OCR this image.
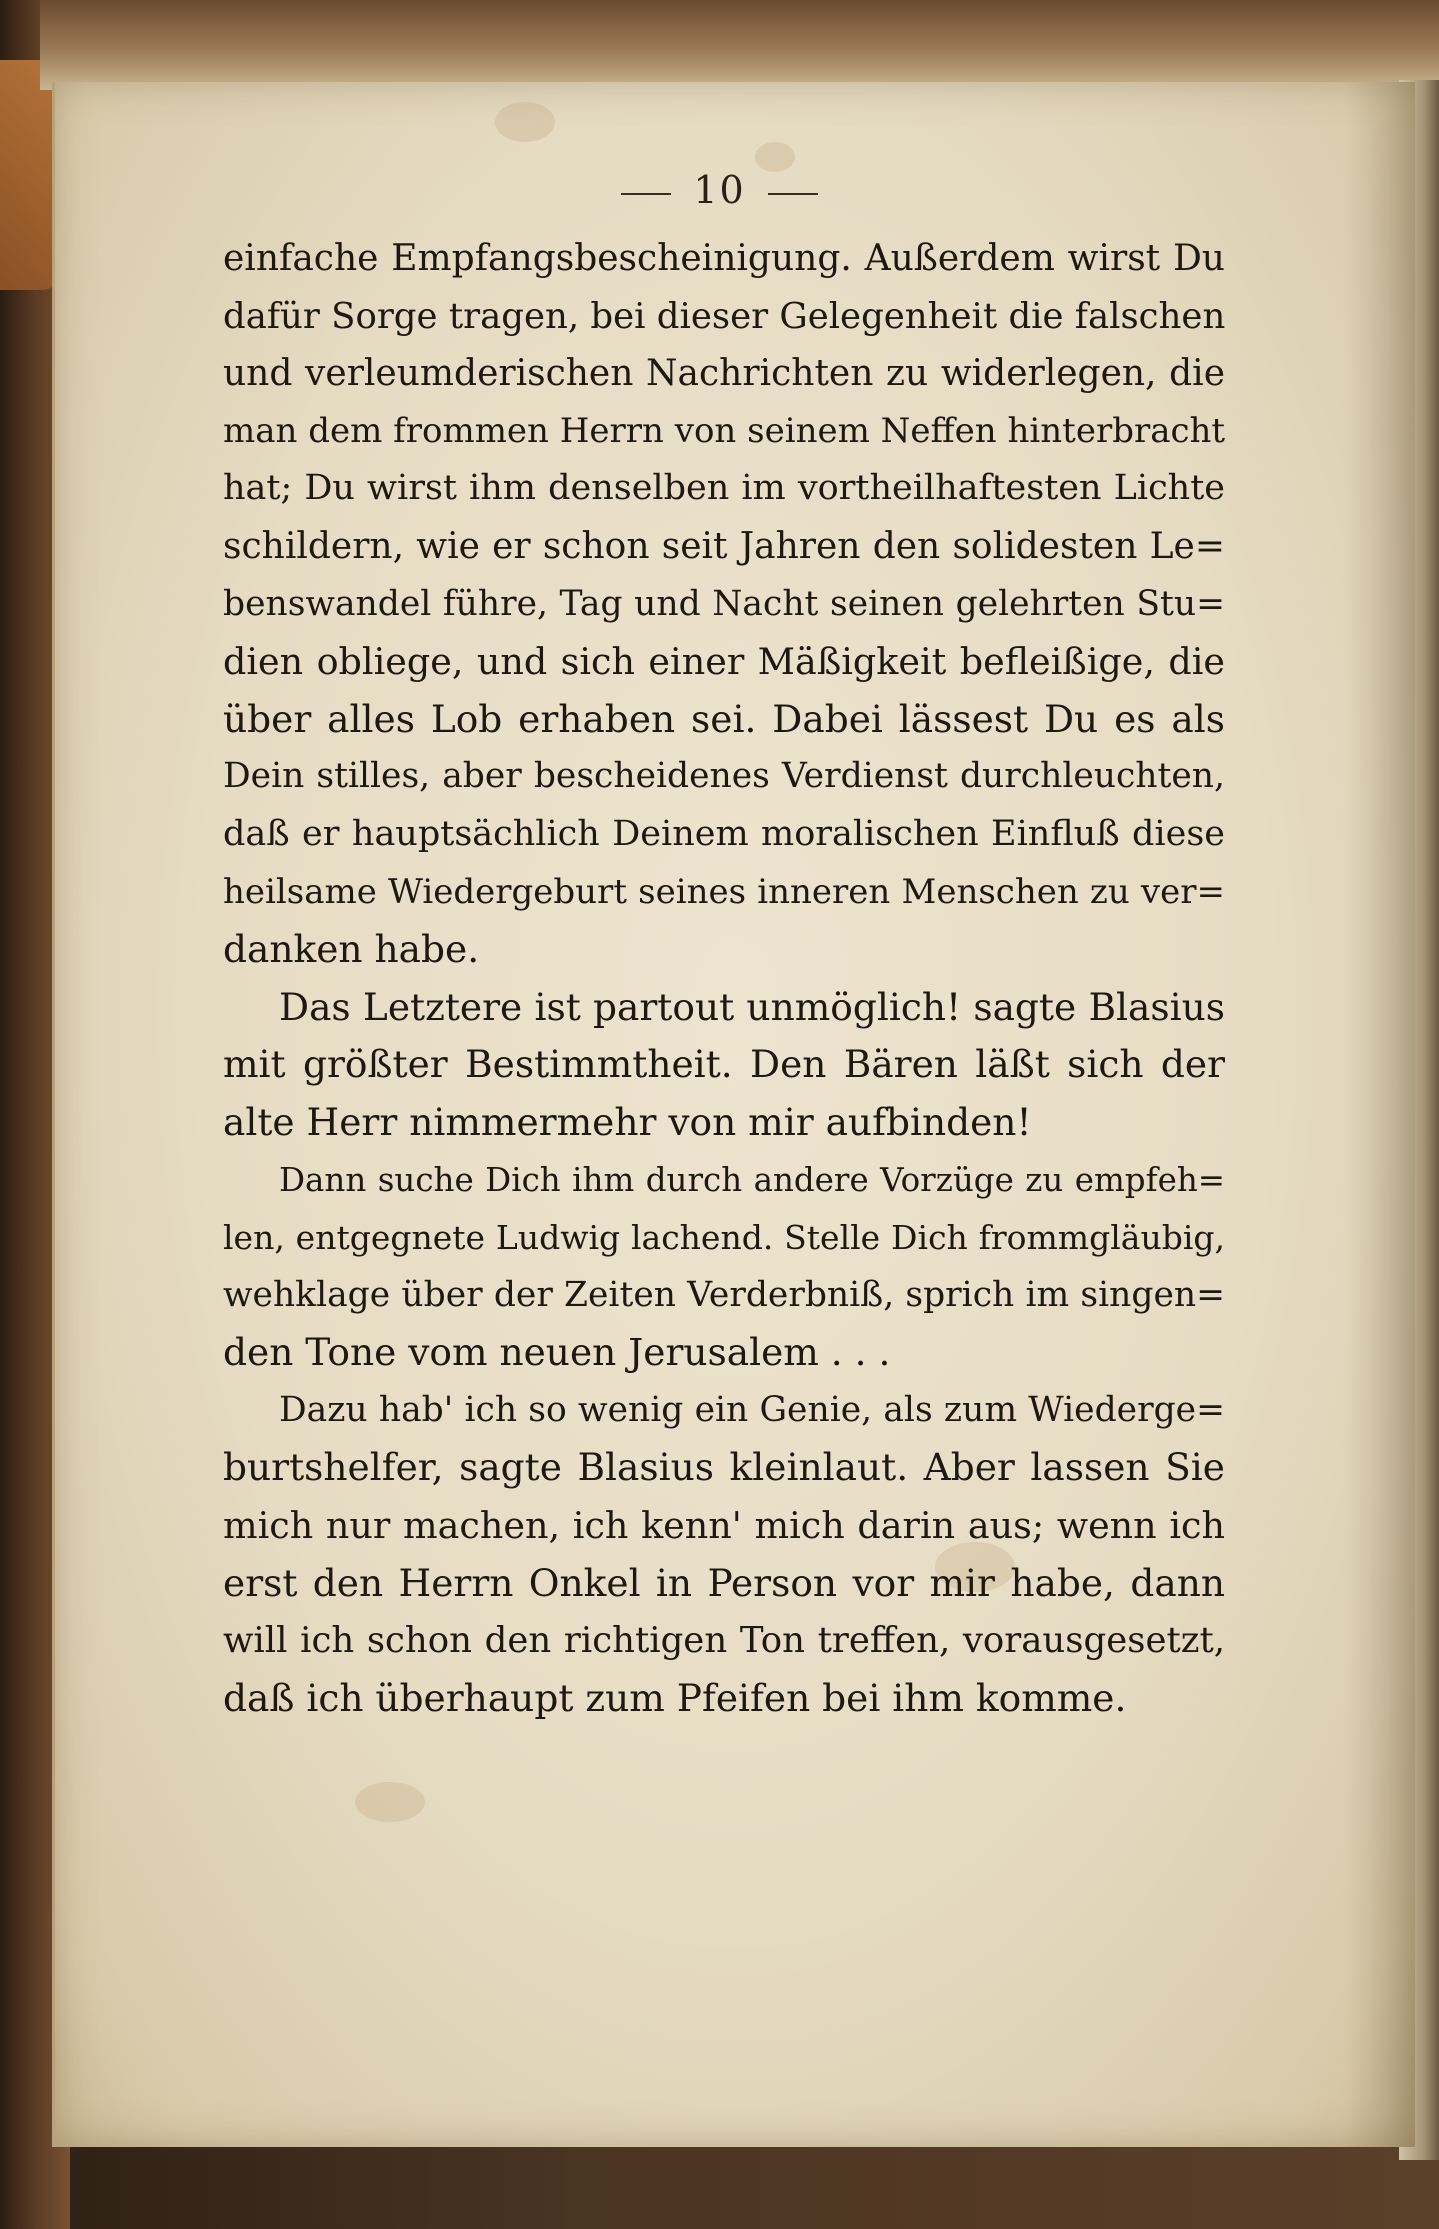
10
einfache Empfangsbescheinigung. Außerdem wirst Du
dafür Sorge tragen, bei dieser Gelegenheit die falschen
und verleumderischen Nachrichten zu widerlegen, die
man dem frommen Herrn von seinem Neffen hinterbracht
hat; Du wirst ihm denselben im vortheilhaftesten Lichte
schildern, wie er schon seit Jahren den solidesten Le=
benswandel führe, Tag und Nacht seinen gelehrten Stu=
dien obliege, und sich einer Mäßigkeit befleißige, die
über alles Lob erhaben sei. Dabei lässest Du es als
Dein stilles, aber bescheidenes Verdienst durchleuchten,
daß er hauptsächlich Deinem moralischen Einfluß diese
heilsame Wiedergeburt seines inneren Menschen zu ver=
danken habe.
Das Letztere ist partout unmöglich! sagte Blasius
mit größter Bestimmtheit. Den Bären läßt sich der
alte Herr nimmermehr von mir aufbinden!
Dann suche Dich ihm durch andere Vorzüge zu empfeh=
len, entgegnete Ludwig lachend. Stelle Dich frommgläubig,
wehklage über der Zeiten Verderbniß, sprich im singen=
den Tone vom neuen Jerusalem . . .
Dazu hab' ich so wenig ein Genie, als zum Wiederge=
burtshelfer, sagte Blasius kleinlaut. Aber lassen Sie
mich nur machen, ich kenn' mich darin aus; wenn ich
erst den Herrn Onkel in Person vor mir habe, dann
will ich schon den richtigen Ton treffen, vorausgesetzt,
daß ich überhaupt zum Pfeifen bei ihm komme.
